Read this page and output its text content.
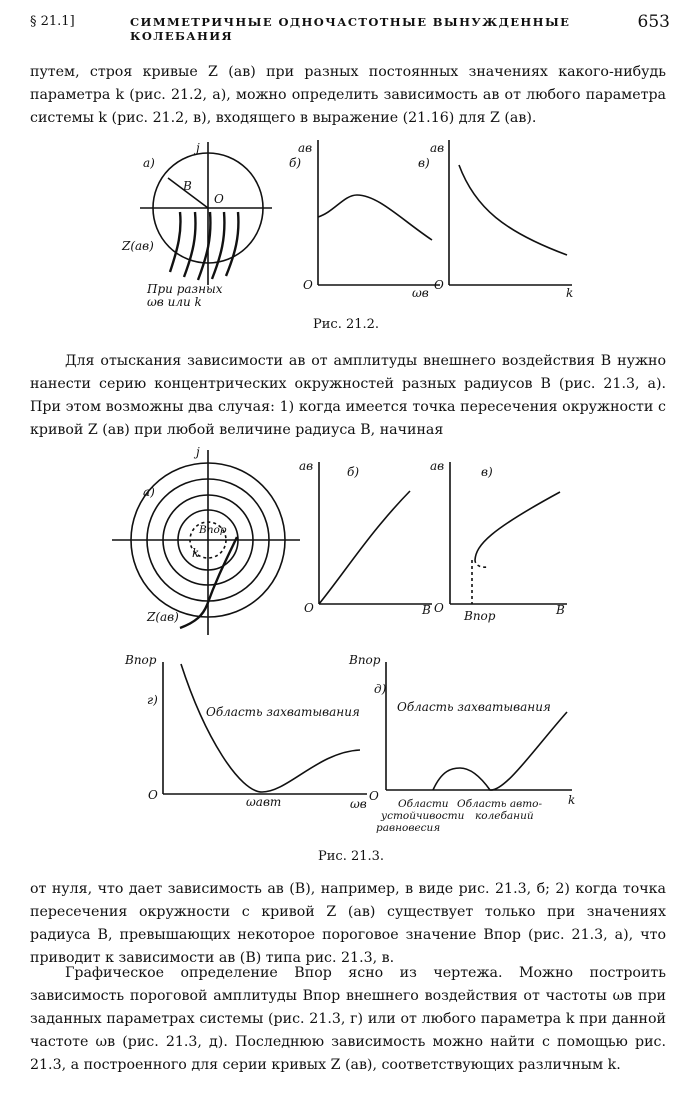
§ 21.1]	СИММЕТРИЧНЫЕ ОДНОЧАСТОТНЫЕ ВЫНУЖДЕННЫЕ КОЛЕБАНИЯ
653

путем, строя кривые Z (aв) при разных постоянных значениях какого-нибудь параметра k (рис. 21.2, а), можно определить зависимость aв от любого параметра системы k (рис. 21.2, в), входящего в выражение (21.16) для Z (aв).

а)
j
B
O
Z(aв)
При разных
ωв или k
б)
aв
O
ωв
в)
aв
O
k
Рис. 21.2.

Для отыскания зависимости aв от амплитуды внешнего воздействия B нужно нанести серию концентрических окружностей разных радиусов B (рис. 21.3, а). При этом возможны два случая: 1) когда имеется точка пересечения окружности с кривой Z (aв) при любой величине радиуса B, начиная

а)
j
Bпор
k
Z(aв)
б)
aв
O	B
в)
aв
O	B
Bпор
г)
Bпор
O
ωв
Область захватывания
ωавт
д)
Bпор
O	k
Область захватывания
Области
устойчивости
равновесия
Область авто-
колебаний
Рис. 21.3.

от нуля, что дает зависимость aв (B), например, в виде рис. 21.3, б; 2) когда точка пересечения окружности с кривой Z (aв) существует только при значениях радиуса B, превышающих некоторое пороговое значение Bпор (рис. 21.3, а), что приводит к зависимости aв (B) типа рис. 21.3, в.

Графическое определение Bпор ясно из чертежа. Можно построить зависимость пороговой амплитуды Bпор внешнего воздействия от частоты ωв при заданных параметрах системы (рис. 21.3, г) или от любого параметра k при данной частоте ωв (рис. 21.3, д). Последнюю зависимость можно найти с помощью рис. 21.3, а построенного для серии кривых Z (aв), соответствующих различным k.
